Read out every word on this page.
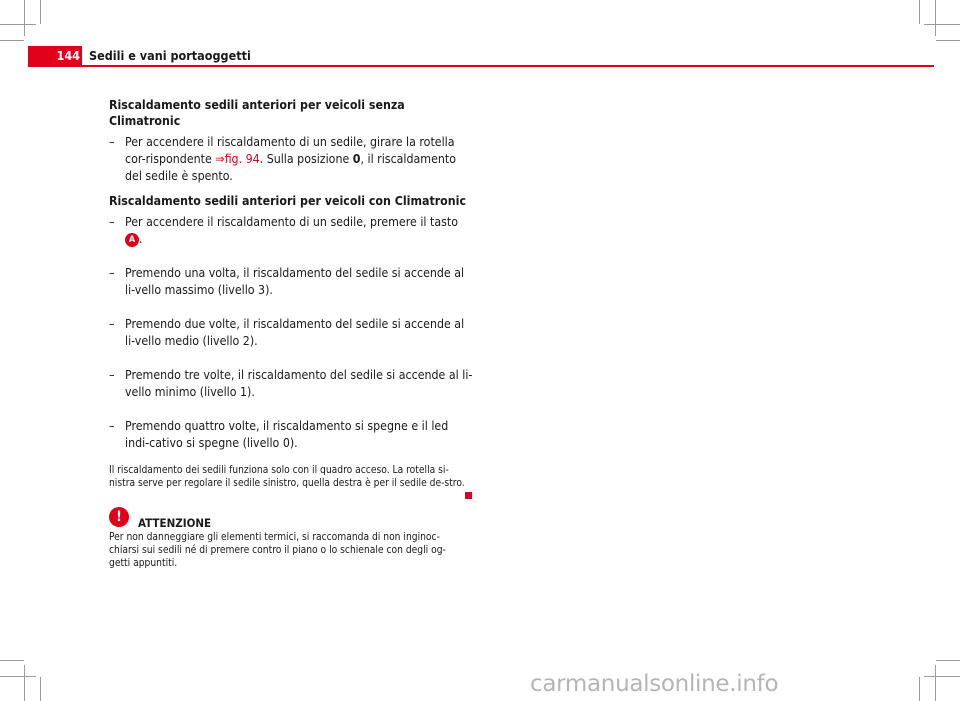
144 Sedili e vani portaoggetti

Riscaldamento sedili anteriori per veicoli senza Climatronic

– Per accendere il riscaldamento di un sedile, girare la rotella cor-rispondente ⇒fig. 94. Sulla posizione 0, il riscaldamento del sedile è spento.

Riscaldamento sedili anteriori per veicoli con Climatronic

– Per accendere il riscaldamento di un sedile, premere il tasto A .
– Premendo una volta, il riscaldamento del sedile si accende al li-vello massimo (livello 3).
– Premendo due volte, il riscaldamento del sedile si accende al li-vello medio (livello 2).
– Premendo tre volte, il riscaldamento del sedile si accende al li-vello minimo (livello 1).
– Premendo quattro volte, il riscaldamento si spegne e il led indi-cativo si spegne (livello 0).
Il riscaldamento dei sedili funziona solo con il quadro acceso. La rotella si-nistra serve per regolare il sedile sinistro, quella destra è per il sedile de-stro.
!	ATTENZIONE
Per non danneggiare gli elementi termici, si raccomanda di non inginoc-chiarsi sui sedili né di premere contro il piano o lo schienale con degli og-getti appuntiti.
carmanualsonline.info
